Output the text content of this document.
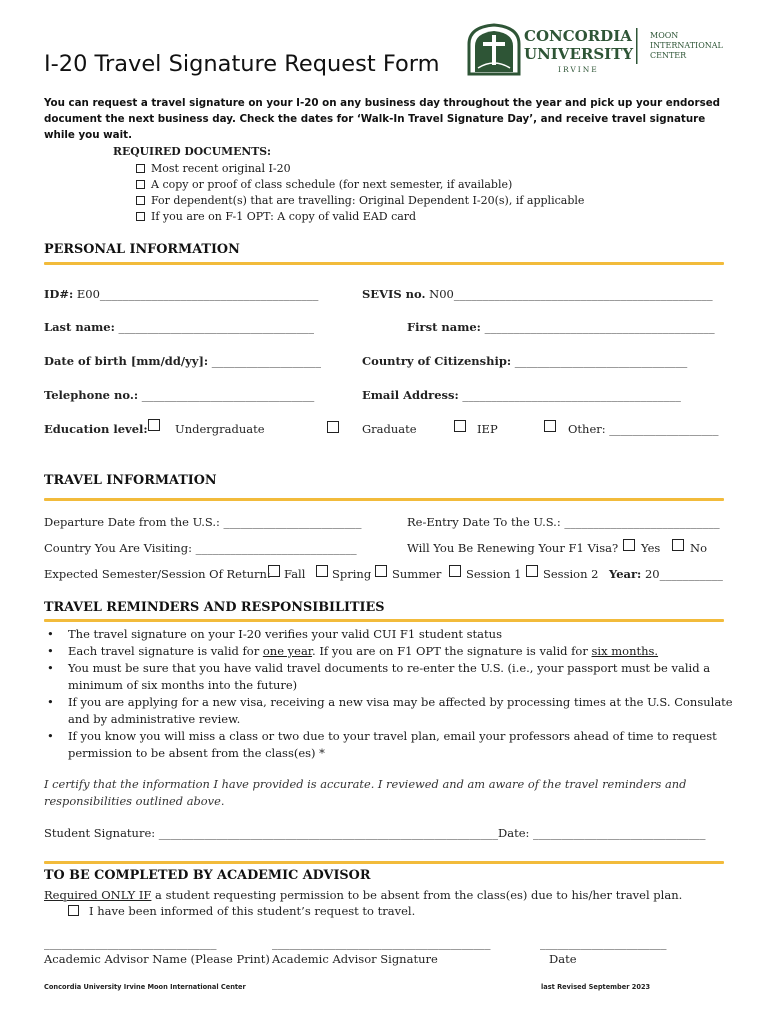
I-20 Travel Signature Request Form
CONCORDIA
UNIVERSITY
IRVINE
MOON
INTERNATIONAL
CENTER
You can request a travel signature on your I-20 on any business day throughout the year and pick up your endorsed document the next business day. Check the dates for ‘Walk-In Travel Signature Day’, and receive travel signature while you wait.
REQUIRED DOCUMENTS:
Most recent original I-20
A copy or proof of class schedule (for next semester, if available)
For dependent(s) that are travelling: Original Dependent I-20(s), if applicable
If you are on F-1 OPT: A copy of valid EAD card
PERSONAL INFORMATION
ID#: E00______________________________________	SEVIS no. N00_____________________________________________
Last name: __________________________________	First name: ________________________________________
Date of birth [mm/dd/yy]: ___________________	Country of Citizenship: ______________________________
Telephone no.: ______________________________	Email Address: ______________________________________
Education level: Undergraduate	Graduate	IEP	Other: ___________________
TRAVEL INFORMATION
Departure Date from the U.S.: ________________________	Re-Entry Date To the U.S.: ___________________________
Country You Are Visiting: ____________________________	Will You Be Renewing Your F1 Visa? Yes	No
Expected Semester/Session Of Return: Fall Spring Summer Session 1 Session 2 Year: 20___________
TRAVEL REMINDERS AND RESPONSIBILITIES
• The travel signature on your I-20 verifies your valid CUI F1 student status
• Each travel signature is valid for one year. If you are on F1 OPT the signature is valid for six months.
• You must be sure that you have valid travel documents to re-enter the U.S. (i.e., your passport must be valid a minimum of six months into the future)
• If you are applying for a new visa, receiving a new visa may be affected by processing times at the U.S. Consulate and by administrative review.
• If you know you will miss a class or two due to your travel plan, email your professors ahead of time to request permission to be absent from the class(es) *
I certify that the information I have provided is accurate. I reviewed and am aware of the travel reminders and responsibilities outlined above.
Student Signature: ___________________________________________________________ Date: ______________________________
TO BE COMPLETED BY ACADEMIC ADVISOR
Required ONLY IF a student requesting permission to be absent from the class(es) due to his/her travel plan.
I have been informed of this student’s request to travel.
______________________________	______________________________________	______________________
Academic Advisor Name (Please Print) Academic Advisor Signature	Date
Concordia University Irvine Moon International Center	last Revised September 2023
